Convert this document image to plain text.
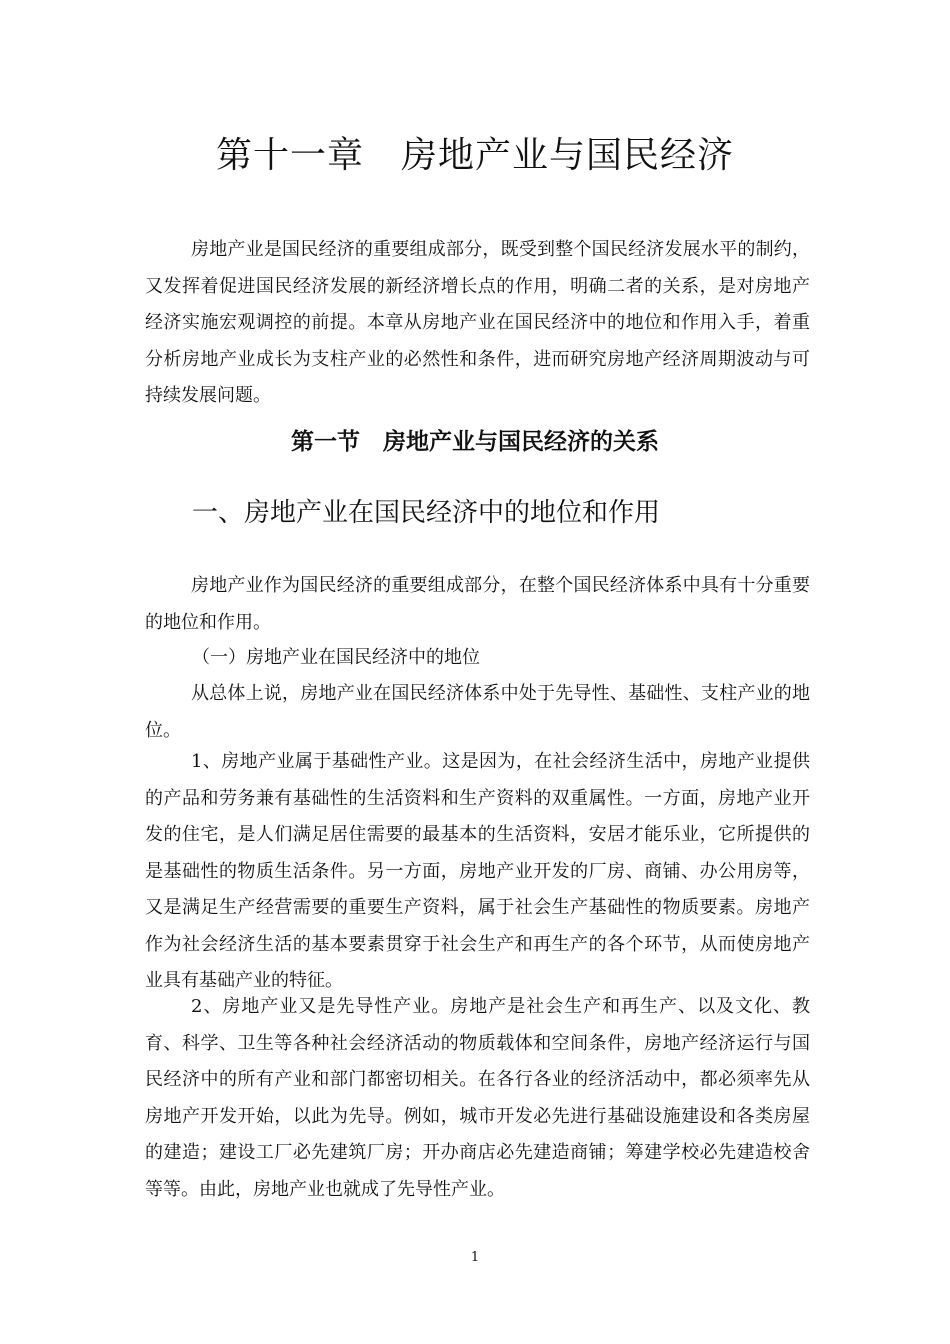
第十一章　房地产业与国民经济

房地产业是国民经济的重要组成部分，既受到整个国民经济发展水平的制约，又发挥着促进国民经济发展的新经济增长点的作用，明确二者的关系，是对房地产经济实施宏观调控的前提。本章从房地产业在国民经济中的地位和作用入手，着重分析房地产业成长为支柱产业的必然性和条件，进而研究房地产经济周期波动与可持续发展问题。

第一节　房地产业与国民经济的关系
一、房地产业在国民经济中的地位和作用

房地产业作为国民经济的重要组成部分，在整个国民经济体系中具有十分重要的地位和作用。

（一）房地产业在国民经济中的地位

从总体上说，房地产业在国民经济体系中处于先导性、基础性、支柱产业的地位。

1、房地产业属于基础性产业。这是因为，在社会经济生活中，房地产业提供的产品和劳务兼有基础性的生活资料和生产资料的双重属性。一方面，房地产业开发的住宅，是人们满足居住需要的最基本的生活资料，安居才能乐业，它所提供的是基础性的物质生活条件。另一方面，房地产业开发的厂房、商铺、办公用房等，又是满足生产经营需要的重要生产资料，属于社会生产基础性的物质要素。房地产作为社会经济生活的基本要素贯穿于社会生产和再生产的各个环节，从而使房地产业具有基础产业的特征。

2、房地产业又是先导性产业。房地产是社会生产和再生产、以及文化、教育、科学、卫生等各种社会经济活动的物质载体和空间条件，房地产经济运行与国民经济中的所有产业和部门都密切相关。在各行各业的经济活动中，都必须率先从房地产开发开始，以此为先导。例如，城市开发必先进行基础设施建设和各类房屋的建造；建设工厂必先建筑厂房；开办商店必先建造商铺；筹建学校必先建造校舍等等。由此，房地产业也就成了先导性产业。

1
